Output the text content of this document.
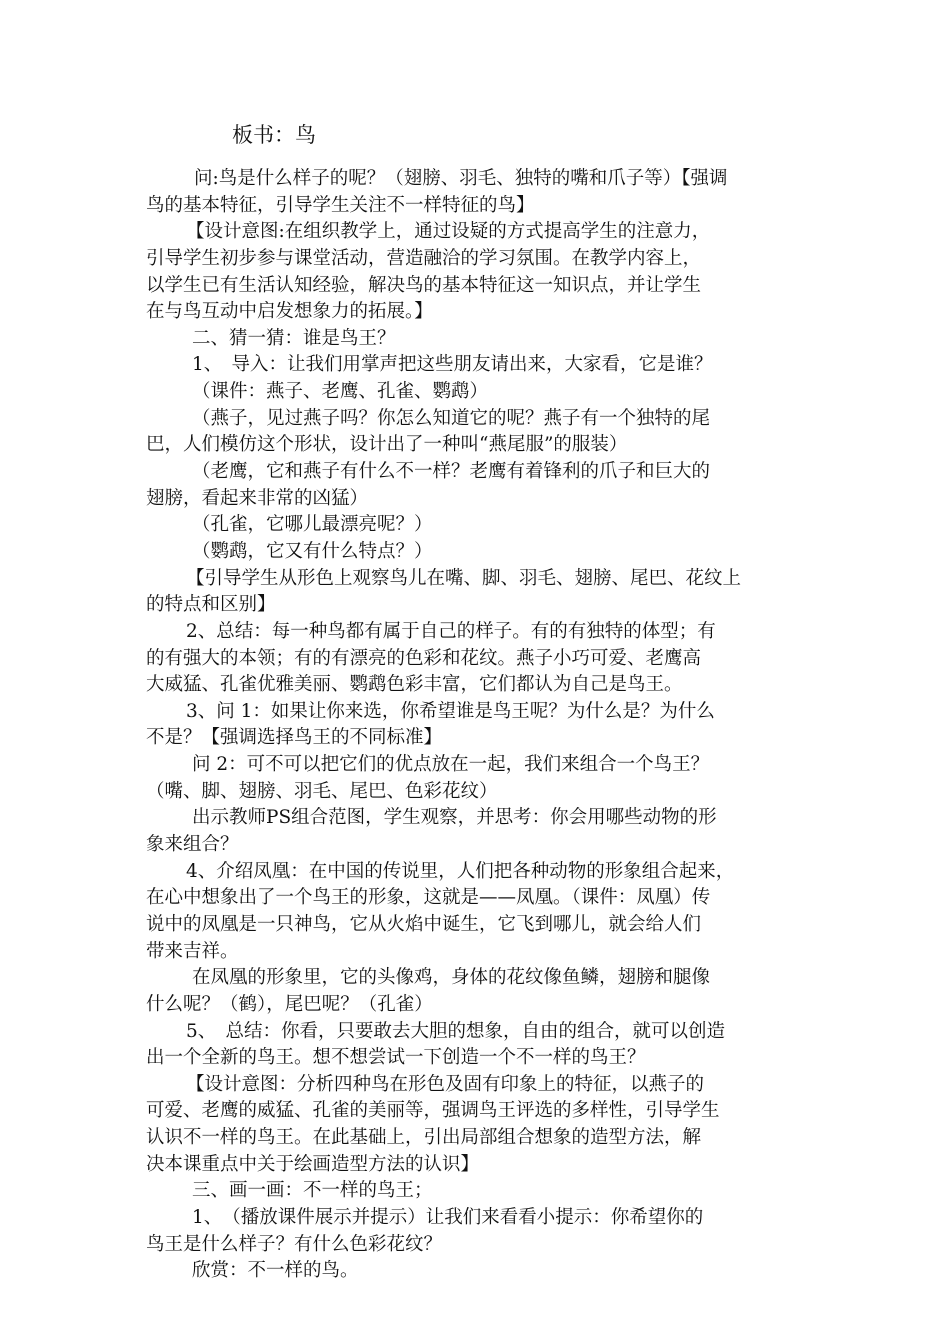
板书：鸟
问:鸟是什么样子的呢？（翅膀、羽毛、独特的嘴和爪子等）【强调
鸟的基本特征，引导学生关注不一样特征的鸟】
【设计意图:在组织教学上，通过设疑的方式提高学生的注意力，
引导学生初步参与课堂活动，营造融洽的学习氛围。在教学内容上，
以学生已有生活认知经验，解决鸟的基本特征这一知识点，并让学生
在与鸟互动中启发想象力的拓展。】
二、猜一猜：谁是鸟王？
1、　导入：让我们用掌声把这些朋友请出来，大家看，它是谁？
（课件：燕子、老鹰、孔雀、鹦鹉）
（燕子，见过燕子吗？你怎么知道它的呢？燕子有一个独特的尾
巴，人们模仿这个形状，设计出了一种叫“燕尾服”的服装）
（老鹰，它和燕子有什么不一样？老鹰有着锋利的爪子和巨大的
翅膀，看起来非常的凶猛）
（孔雀，它哪儿最漂亮呢？）
（鹦鹉，它又有什么特点？）
【引导学生从形色上观察鸟儿在嘴、脚、羽毛、翅膀、尾巴、花纹上
的特点和区别】
2、总结：每一种鸟都有属于自己的样子。有的有独特的体型；有
的有强大的本领；有的有漂亮的色彩和花纹。燕子小巧可爱、老鹰高
大威猛、孔雀优雅美丽、鹦鹉色彩丰富，它们都认为自己是鸟王。
3、问 1：如果让你来选，你希望谁是鸟王呢？为什么是？为什么
不是？【强调选择鸟王的不同标准】
问 2：可不可以把它们的优点放在一起，我们来组合一个鸟王？
（嘴、脚、翅膀、羽毛、尾巴、色彩花纹）
出示教师PS组合范图，学生观察，并思考：你会用哪些动物的形
象来组合？
4、介绍凤凰：在中国的传说里，人们把各种动物的形象组合起来，
在心中想象出了一个鸟王的形象，这就是——凤凰。（课件：凤凰）传
说中的凤凰是一只神鸟，它从火焰中诞生，它飞到哪儿，就会给人们
带来吉祥。
在凤凰的形象里，它的头像鸡，身体的花纹像鱼鳞，翅膀和腿像
什么呢？（鹤），尾巴呢？（孔雀）
5、　总结：你看，只要敢去大胆的想象，自由的组合，就可以创造
出一个全新的鸟王。想不想尝试一下创造一个不一样的鸟王？
【设计意图：分析四种鸟在形色及固有印象上的特征，以燕子的
可爱、老鹰的威猛、孔雀的美丽等，强调鸟王评选的多样性，引导学生
认识不一样的鸟王。在此基础上，引出局部组合想象的造型方法，解
决本课重点中关于绘画造型方法的认识】
三、画一画：不一样的鸟王；
1、　（播放课件展示并提示）让我们来看看小提示：你希望你的
鸟王是什么样子？有什么色彩花纹？
欣赏：不一样的鸟。
